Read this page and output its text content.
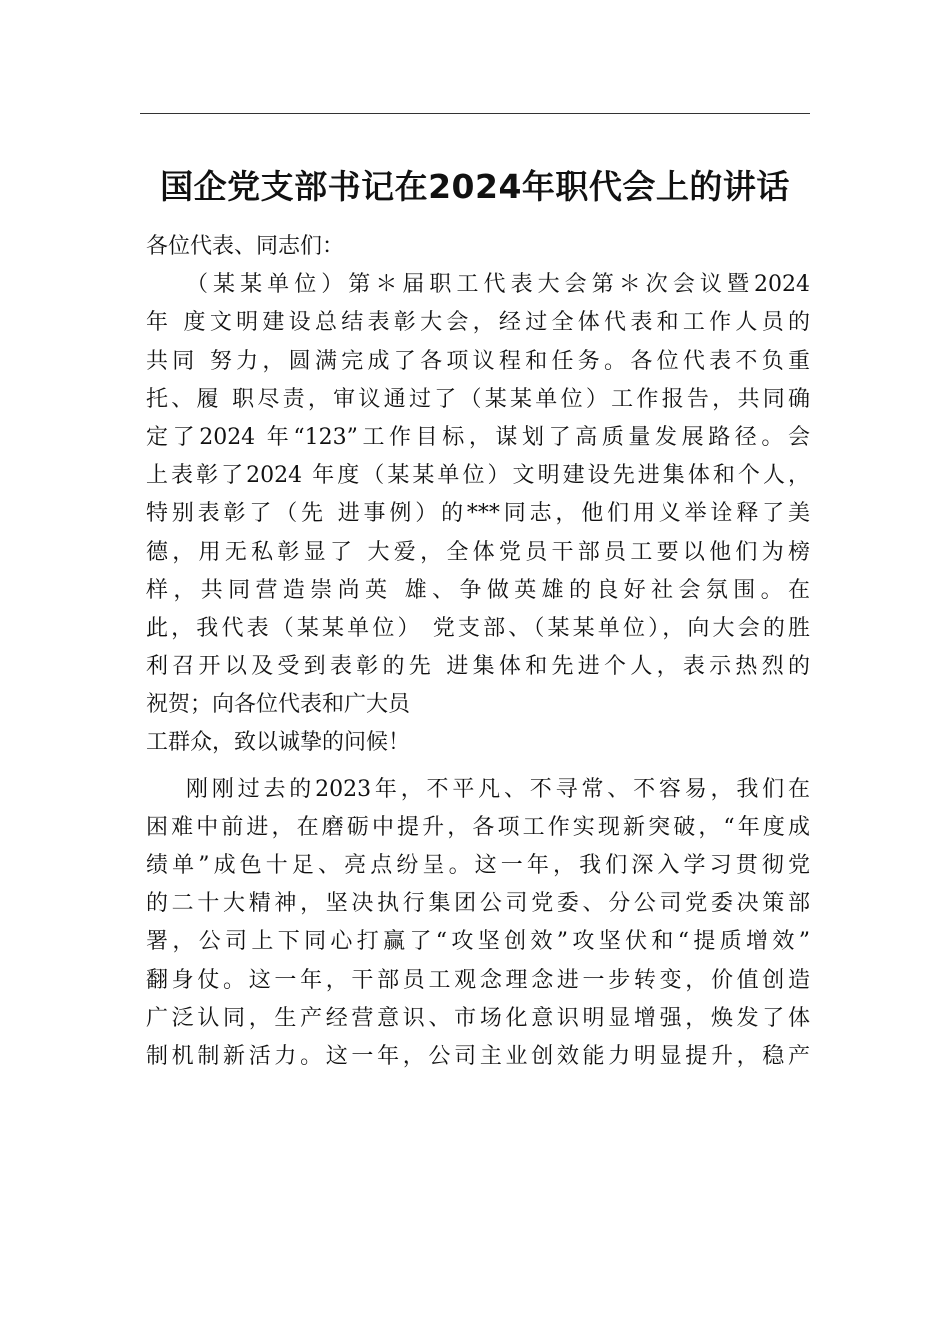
国企党支部书记在2024年职代会上的讲话
各位代表、同志们：
（某某单位）第＊届职工代表大会第＊次会议暨2024
年 度文明建设总结表彰大会，经过全体代表和工作人员的
共同 努力，圆满完成了各项议程和任务。各位代表不负重
托、履 职尽责，审议通过了（某某单位）工作报告，共同确
定了2024 年“123”工作目标，谋划了高质量发展路径。会
上表彰了2024 年度（某某单位）文明建设先进集体和个人，
特别表彰了（先 进事例）的***同志，他们用义举诠释了美
德，用无私彰显了 大爱，全体党员干部员工要以他们为榜
样，共同营造崇尚英 雄、争做英雄的良好社会氛围。在
此，我代表（某某单位） 党支部、（某某单位），向大会的胜
利召开以及受到表彰的先 进集体和先进个人，表示热烈的
祝贺；向各位代表和广大员
工群众，致以诚挚的问候！
刚刚过去的2023年，不平凡、不寻常、不容易，我们在
困难中前进，在磨砺中提升，各项工作实现新突破，“年度成
绩单”成色十足、亮点纷呈。这一年，我们深入学习贯彻党
的二十大精神，坚决执行集团公司党委、分公司党委决策部
署，公司上下同心打赢了“攻坚创效”攻坚伏和“提质增效”
翻身仗。这一年，干部员工观念理念进一步转变，价值创造
广泛认同，生产经营意识、市场化意识明显增强，焕发了体
制机制新活力。这一年，公司主业创效能力明显提升，稳产
